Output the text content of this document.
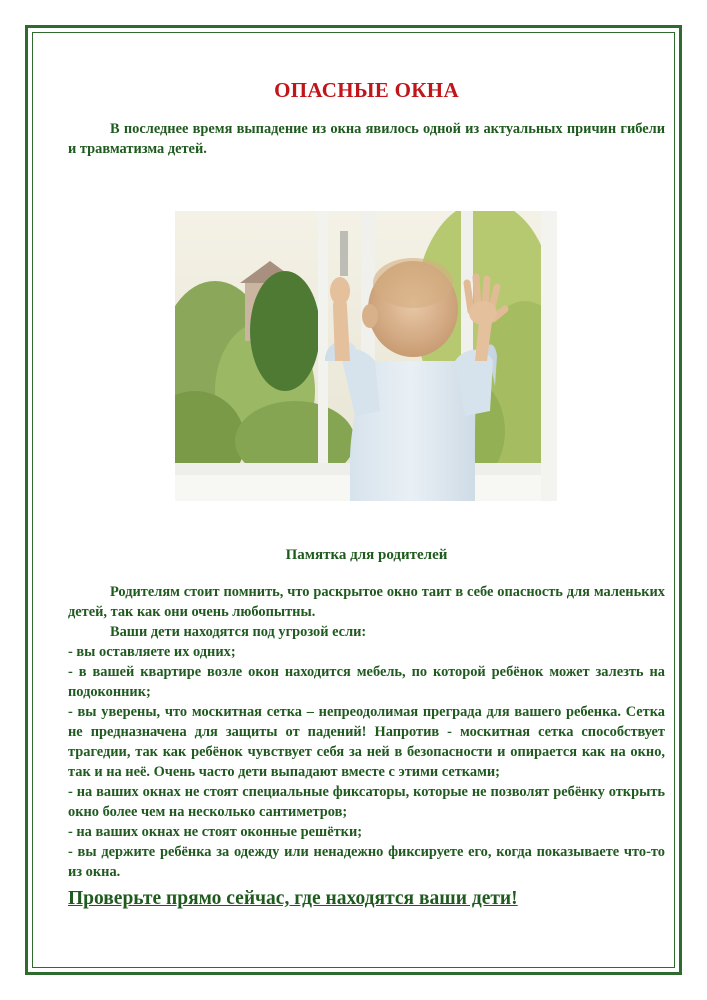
ОПАСНЫЕ ОКНА

В последнее время выпадение из окна явилось одной из актуальных причин гибели и травматизма детей.

Памятка для родителей

Родителям стоит помнить, что раскрытое окно таит в себе опасность для маленьких детей, так как они очень любопытны.

Ваши дети находятся под угрозой если:

- вы оставляете их одних;

- в вашей квартире возле окон находится мебель, по которой ребёнок может залезть на подоконник;

- вы уверены, что москитная сетка – непреодолимая преграда для вашего ребенка. Сетка не предназначена для защиты от падений! Напротив - москитная сетка способствует трагедии, так как ребёнок чувствует себя за ней в безопасности и опирается как на окно, так и на неё. Очень часто дети выпадают вместе с этими сетками;

- на ваших окнах не стоят специальные фиксаторы, которые не позволят ребёнку открыть окно более чем на несколько сантиметров;

- на ваших окнах не стоят оконные решётки;

- вы держите ребёнка за одежду или ненадежно фиксируете его, когда показываете что-то из окна.

Проверьте прямо сейчас, где находятся ваши дети!
